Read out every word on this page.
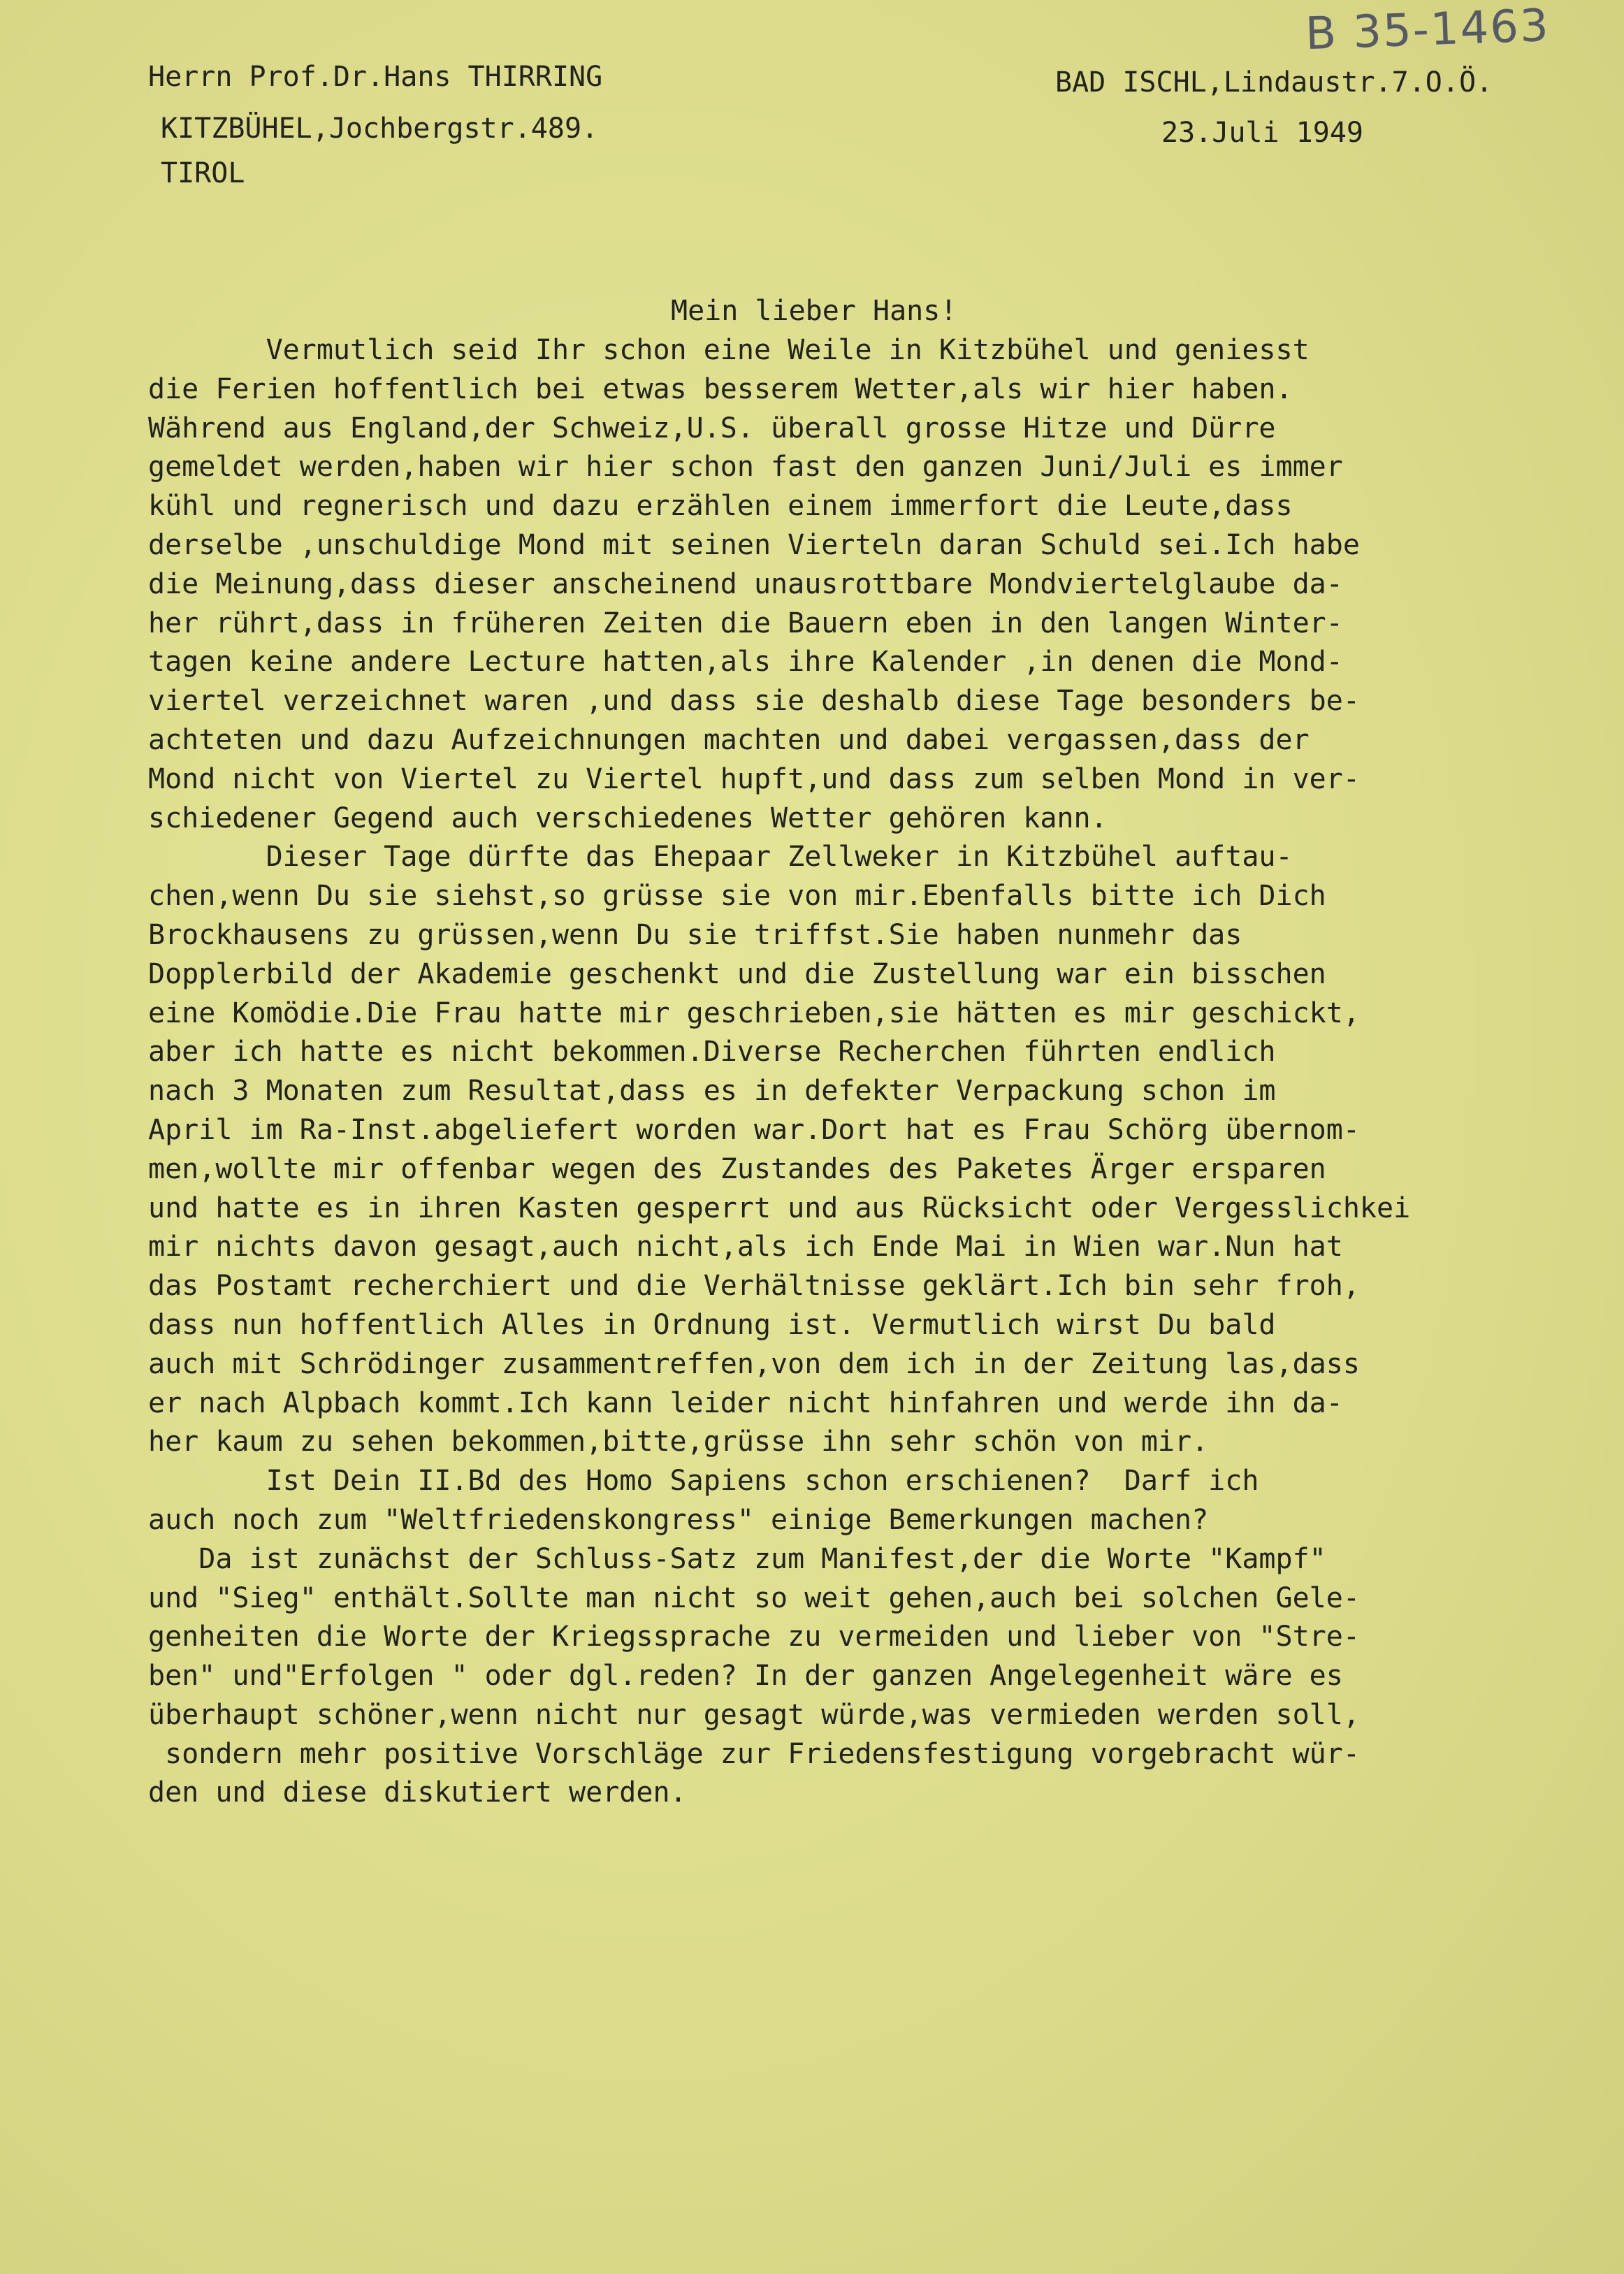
B 35-1463
Herrn Prof.Dr.Hans THIRRING
KITZBÜHEL,Jochbergstr.489.
TIROL
BAD ISCHL,Lindaustr.7.O.Ö.
23.Juli 1949
Mein lieber Hans!
Vermutlich seid Ihr schon eine Weile in Kitzbühel und geniesst
die Ferien hoffentlich bei etwas besserem Wetter,als wir hier haben.
Während aus England,der Schweiz,U.S. überall grosse Hitze und Dürre
gemeldet werden,haben wir hier schon fast den ganzen Juni/Juli es immer
kühl und regnerisch und dazu erzählen einem immerfort die Leute,dass
derselbe ,unschuldige Mond mit seinen Vierteln daran Schuld sei.Ich habe
die Meinung,dass dieser anscheinend unausrottbare Mondviertelglaube da-
her rührt,dass in früheren Zeiten die Bauern eben in den langen Winter-
tagen keine andere Lecture hatten,als ihre Kalender ,in denen die Mond-
viertel verzeichnet waren ,und dass sie deshalb diese Tage besonders be-
achteten und dazu Aufzeichnungen machten und dabei vergassen,dass der
Mond nicht von Viertel zu Viertel hupft,und dass zum selben Mond in ver-
schiedener Gegend auch verschiedenes Wetter gehören kann.
Dieser Tage dürfte das Ehepaar Zellweker in Kitzbühel auftau-
chen,wenn Du sie siehst,so grüsse sie von mir.Ebenfalls bitte ich Dich
Brockhausens zu grüssen,wenn Du sie triffst.Sie haben nunmehr das
Dopplerbild der Akademie geschenkt und die Zustellung war ein bisschen
eine Komödie.Die Frau hatte mir geschrieben,sie hätten es mir geschickt,
aber ich hatte es nicht bekommen.Diverse Recherchen führten endlich
nach 3 Monaten zum Resultat,dass es in defekter Verpackung schon im
April im Ra-Inst.abgeliefert worden war.Dort hat es Frau Schörg übernom-
men,wollte mir offenbar wegen des Zustandes des Paketes Ärger ersparen
und hatte es in ihren Kasten gesperrt und aus Rücksicht oder Vergesslichkei
mir nichts davon gesagt,auch nicht,als ich Ende Mai in Wien war.Nun hat
das Postamt recherchiert und die Verhältnisse geklärt.Ich bin sehr froh,
dass nun hoffentlich Alles in Ordnung ist. Vermutlich wirst Du bald
auch mit Schrödinger zusammentreffen,von dem ich in der Zeitung las,dass
er nach Alpbach kommt.Ich kann leider nicht hinfahren und werde ihn da-
her kaum zu sehen bekommen,bitte,grüsse ihn sehr schön von mir.
Ist Dein II.Bd des Homo Sapiens schon erschienen?  Darf ich
auch noch zum "Weltfriedenskongress" einige Bemerkungen machen?
Da ist zunächst der Schluss-Satz zum Manifest,der die Worte "Kampf"
und "Sieg" enthält.Sollte man nicht so weit gehen,auch bei solchen Gele-
genheiten die Worte der Kriegssprache zu vermeiden und lieber von "Stre-
ben" und"Erfolgen " oder dgl.reden? In der ganzen Angelegenheit wäre es
überhaupt schöner,wenn nicht nur gesagt würde,was vermieden werden soll,
sondern mehr positive Vorschläge zur Friedensfestigung vorgebracht wür-
den und diese diskutiert werden.
